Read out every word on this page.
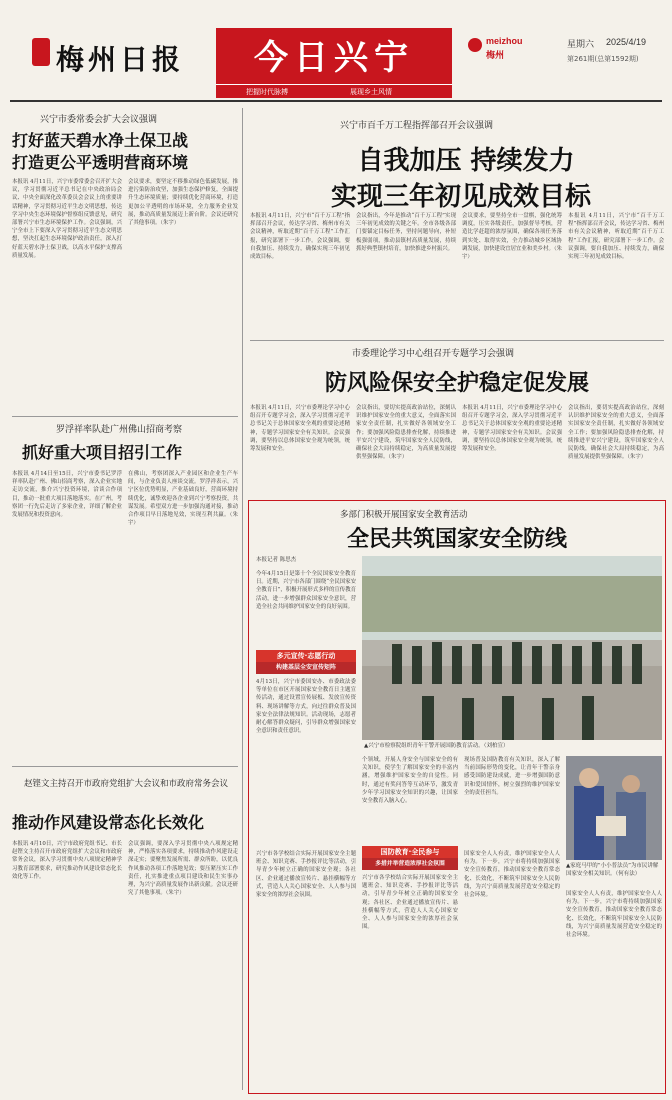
梅州日报	今日兴宁
把握时代脉搏	展现乡土风情
meizhou
梅州
星期六 2025/4/19
第261期(总第1592期)
兴宁市委常委会扩大会议强调
打好蓝天碧水净土保卫战
打造更公平透明营商环境
本报讯 4月11日，兴宁市委常委会召开扩大会议，学习贯彻习近平总书记在中央政治局会议、中央全面深化改革委员会会议上的重要讲话精神，学习贯彻习近平生态文明思想，传达学习中央生态环境保护督察组反馈意见，研究部署兴宁市生态环境保护工作。会议强调，兴宁全市上下要深入学习贯彻习近平生态文明思想，坚决扛起生态环境保护政治责任，深入打好蓝天碧水净土保卫战，以高水平保护支撑高质量发展。
会议要求，要坚定不移推动绿色低碳发展，推进污染防治攻坚，加强生态保护修复，全面提升生态环境质量；要持续优化营商环境，打造更加公平透明的市场环境，全力服务企业发展，推动高质量发展迈上新台阶。会议还研究了其他事项。（朱宇）
罗浮祥率队赴广州佛山招商考察
抓好重大项目招引工作
本报讯 4月14日至15日，兴宁市委书记罗浮祥率队赴广州、佛山招商考察，深入企业实地走访交流，推介兴宁投资环境，洽谈合作项目，推动一批重大项目落地落实。在广州，考察团一行先后走访了多家企业，详细了解企业发展情况和投资意向。
在佛山，考察团深入产业园区和企业生产车间，与企业负责人座谈交流。罗浮祥表示，兴宁区位优势明显，产业基础良好，营商环境持续优化，诚挚欢迎各企业到兴宁考察投资，共谋发展。希望双方进一步加强沟通对接，推动合作项目早日落地见效，实现互利共赢。（朱宇）
赵铿文主持召开市政府党组扩大会议和市政府常务会议
推动作风建设常态化长效化
本报讯 4月10日，兴宁市政府党组书记、市长赵铿文主持召开市政府党组扩大会议和市政府常务会议，深入学习贯彻中央八项规定精神学习教育部署要求，研究推动作风建设常态化长效化等工作。
会议强调，要深入学习贯彻中央八项规定精神，严格落实各项要求，持续推动作风建设走深走实；要聚焦发展所需、群众所盼，以优良作风推动各项工作落地见效；要压紧压实工作责任，扎实推进重点项目建设和民生实事办理，为兴宁高质量发展作出新贡献。会议还研究了其他事项。（朱宇）
兴宁市百千万工程指挥部召开会议强调
自我加压 持续发力
实现三年初见成效目标
本报讯 4月11日，兴宁市“百千万工程”指挥部召开会议，传达学习省、梅州市有关会议精神，听取近期“百千万工程”工作汇报，研究部署下一步工作。会议强调，要自我加压、持续发力，确保实现三年初见成效目标。
会议指出，今年是推动“百千万工程”实现三年初见成效的关键之年。全市各级各部门要锚定目标任务，坚持问题导向，补短板强弱项，推动县镇村高质量发展，持续抓好典型镇村培育，加快推进乡村振兴。
会议要求，要坚持全市一盘棋，强化统筹调度，压实各级责任，加强督导考核，营造比学赶超的浓厚氛围，确保各项任务落到实处、取得实效，全力推动城乡区域协调发展，加快建设宜居宜业和美乡村。（朱宇）
本报讯 4月11日，兴宁市“百千万工程”指挥部召开会议，传达学习省、梅州市有关会议精神，听取近期“百千万工程”工作汇报，研究部署下一步工作。会议强调，要自我加压、持续发力，确保实现三年初见成效目标。
市委理论学习中心组召开专题学习会强调
防风险保安全护稳定促发展
本报讯 4月11日，兴宁市委理论学习中心组召开专题学习会，深入学习贯彻习近平总书记关于总体国家安全观的重要论述精神，专题学习国家安全有关知识。会议强调，要坚持以总体国家安全观为统领，统筹发展和安全。
会议指出，要切实提高政治站位，深刻认识维护国家安全的重大意义，全面落实国家安全责任制，扎实做好各领域安全工作；要加强风险隐患排查化解，持续推进平安兴宁建设，筑牢国家安全人民防线，确保社会大局持续稳定，为高质量发展提供坚强保障。（朱宇）
本报讯 4月11日，兴宁市委理论学习中心组召开专题学习会，深入学习贯彻习近平总书记关于总体国家安全观的重要论述精神，专题学习国家安全有关知识。会议强调，要坚持以总体国家安全观为统领，统筹发展和安全。
会议指出，要切实提高政治站位，深刻认识维护国家安全的重大意义，全面落实国家安全责任制，扎实做好各领域安全工作；要加强风险隐患排查化解，持续推进平安兴宁建设，筑牢国家安全人民防线，确保社会大局持续稳定，为高质量发展提供坚强保障。（朱宇）
多部门积极开展国家安全教育活动
全民共筑国家安全防线
本报记者 陈思杰
今年4月15日是第十个全民国家安全教育日。近期，兴宁市各部门围绕“全民国家安全教育日”，积极开展形式多样的宣传教育活动，进一步增强群众国家安全意识，营造全社会共同维护国家安全的良好氛围。
多元宣传·志愿行动
构建基层全安宣传矩阵
4月13日，兴宁市委国安办、市委政法委等单位在市区开展国家安全教育日主题宣传活动，通过设置宣传展板、发放宣传资料、现场讲解等方式，向过往群众普及国家安全法律法规知识。活动现场，志愿者耐心解答群众疑问，引导群众增强国家安全意识和责任意识。
▲兴宁市检察院组织青年干警开展国防教育活动。（刘柏宣）
个领域，开展人身安全与国家安全的有关知识，使学生了解国家安全的丰富内涵，增强维护国家安全的自觉性。同时，通过有奖问答等互动环节，激发青少年学习国家安全知识的兴趣，让国家安全教育入脑入心。
现场普及国防教育有关知识，深入了解当前国际形势的变化，让青年干警亲身感受国防建设成就，进一步增强国防意识和爱国情怀，树立强烈的维护国家安全的责任担当。
国防教育·全民参与
多措并举营造浓厚社会氛围
兴宁市各学校结合实际开展国家安全主题班会、知识竞赛、手抄报评比等活动，引导青少年树立正确的国家安全观；各社区、企业通过播放宣传片、悬挂横幅等方式，营造人人关心国家安全、人人参与国家安全的浓厚社会氛围。
兴宁市各学校结合实际开展国家安全主题班会、知识竞赛、手抄报评比等活动，引导青少年树立正确的国家安全观；各社区、企业通过播放宣传片、悬挂横幅等方式，营造人人关心国家安全、人人参与国家安全的浓厚社会氛围。
国家安全人人有责，维护国家安全人人有为。下一步，兴宁市将持续加强国家安全宣传教育，推动国家安全教育常态化、长效化，不断筑牢国家安全人民防线，为兴宁高质量发展营造安全稳定的社会环境。
▲家庭马甲的“小小普法员”为市民讲解国家安全相关知识。（何有法）
国家安全人人有责，维护国家安全人人有为。下一步，兴宁市将持续加强国家安全宣传教育，推动国家安全教育常态化、长效化，不断筑牢国家安全人民防线，为兴宁高质量发展营造安全稳定的社会环境。
